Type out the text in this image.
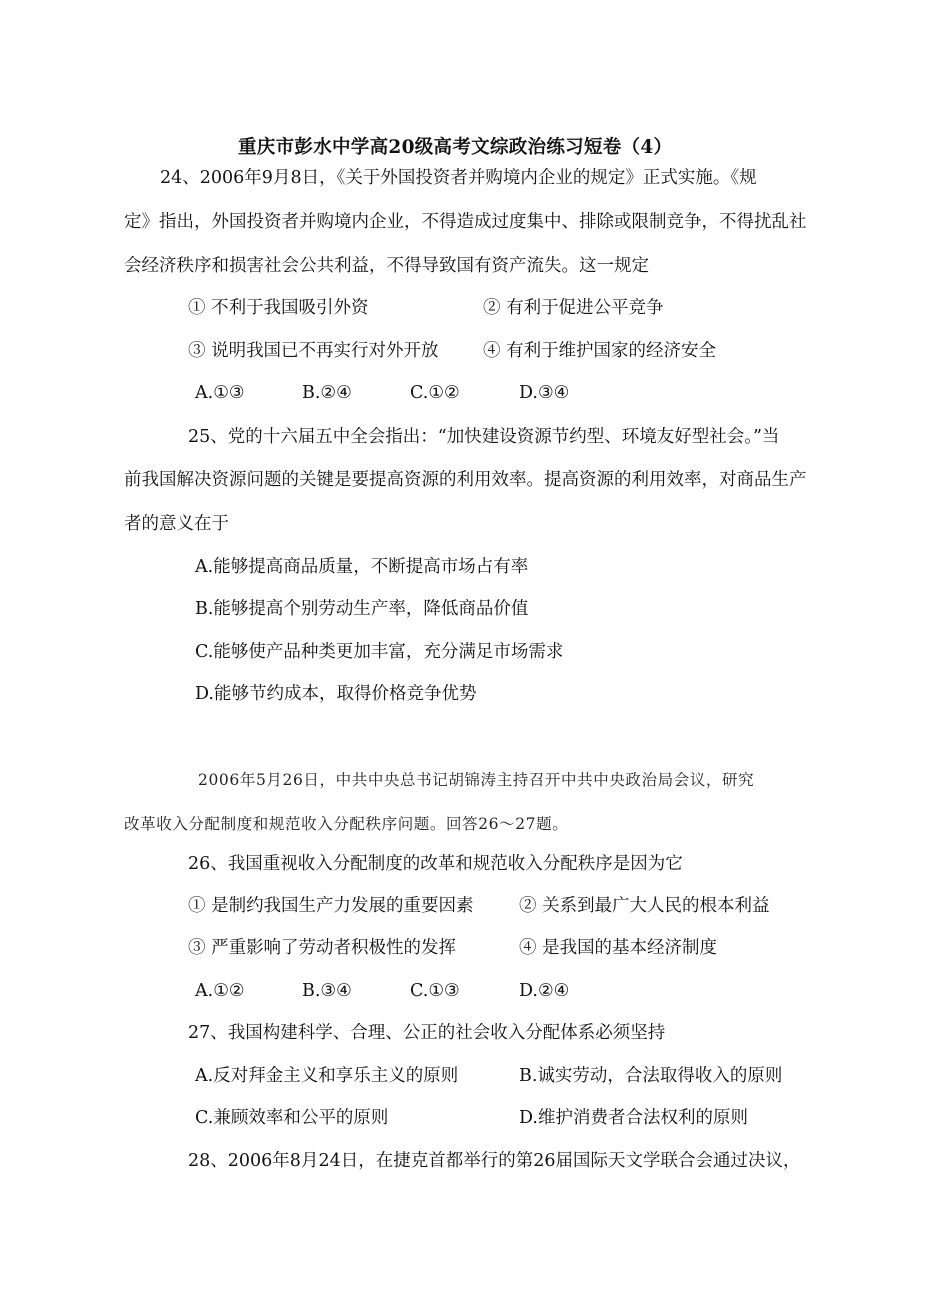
重庆市彭水中学高20级高考文综政治练习短卷（4）
24、2006年9月8日，《关于外国投资者并购境内企业的规定》正式实施。《规
定》指出，外国投资者并购境内企业，不得造成过度集中、排除或限制竞争，不得扰乱社
会经济秩序和损害社会公共利益，不得导致国有资产流失。这一规定
① 不利于我国吸引外资	② 有利于促进公平竞争
③ 说明我国已不再实行对外开放	④ 有利于维护国家的经济安全
A.①③	B.②④	C.①②	D.③④
25、党的十六届五中全会指出：“加快建设资源节约型、环境友好型社会。”当
前我国解决资源问题的关键是要提高资源的利用效率。提高资源的利用效率，对商品生产
者的意义在于
A.能够提高商品质量，不断提高市场占有率
B.能够提高个别劳动生产率，降低商品价值
C.能够使产品种类更加丰富，充分满足市场需求
D.能够节约成本，取得价格竞争优势
2006年5月26日，中共中央总书记胡锦涛主持召开中共中央政治局会议，研究
改革收入分配制度和规范收入分配秩序问题。回答26～27题。
26、我国重视收入分配制度的改革和规范收入分配秩序是因为它
① 是制约我国生产力发展的重要因素	② 关系到最广大人民的根本利益
③ 严重影响了劳动者积极性的发挥	④ 是我国的基本经济制度
A.①②	B.③④	C.①③	D.②④
27、我国构建科学、合理、公正的社会收入分配体系必须坚持
A.反对拜金主义和享乐主义的原则	B.诚实劳动，合法取得收入的原则
C.兼顾效率和公平的原则	D.维护消费者合法权利的原则
28、2006年8月24日，在捷克首都举行的第26届国际天文学联合会通过决议，
